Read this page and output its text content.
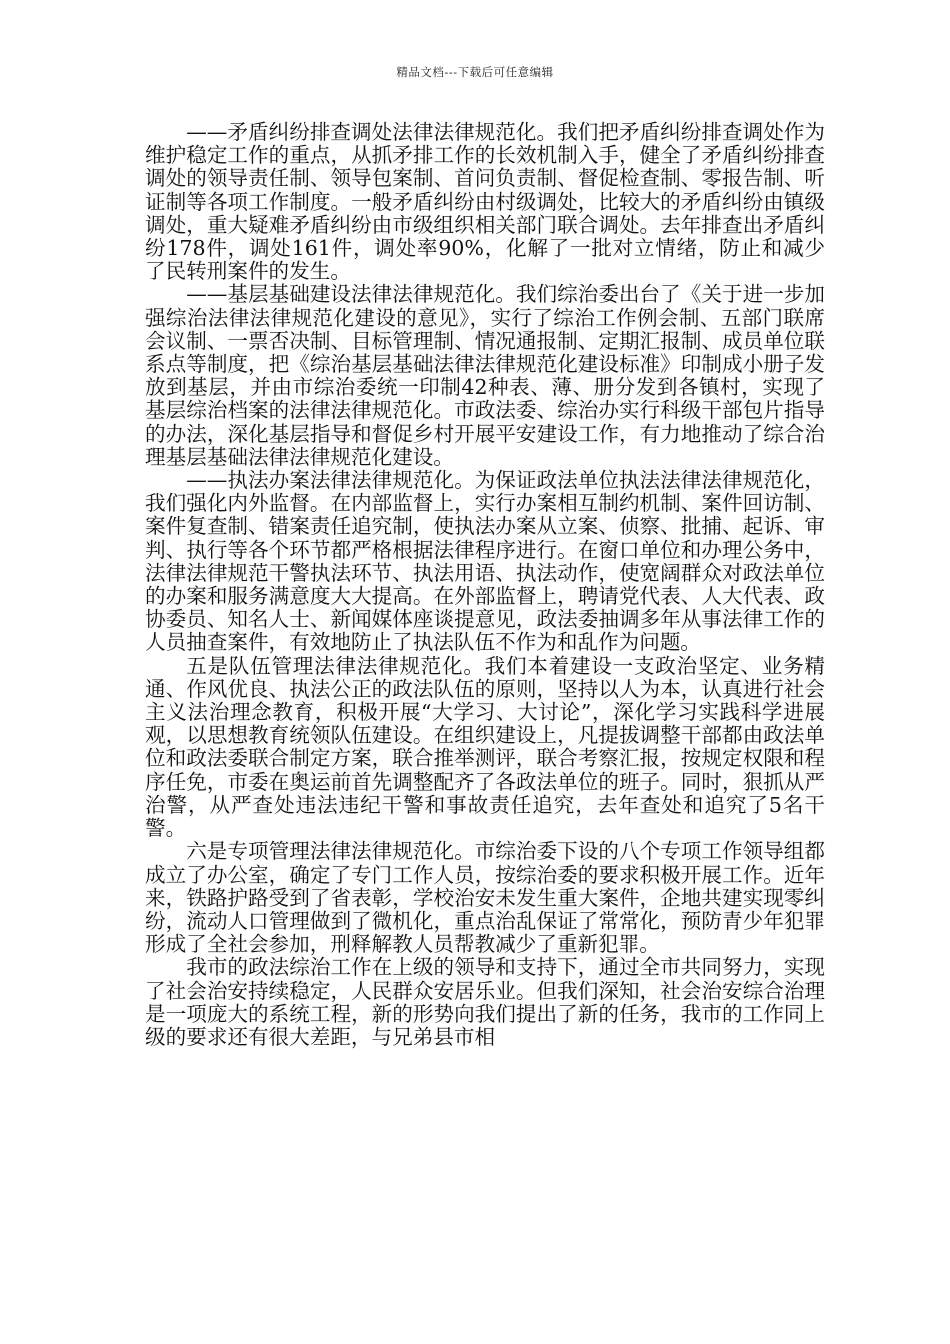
精品文档---下载后可任意编辑

——矛盾纠纷排查调处法律法律规范化。我们把矛盾纠纷排查调处作为维护稳定工作的重点，从抓矛排工作的长效机制入手，健全了矛盾纠纷排查调处的领导责任制、领导包案制、首问负责制、督促检查制、零报告制、听证制等各项工作制度。一般矛盾纠纷由村级调处，比较大的矛盾纠纷由镇级调处，重大疑难矛盾纠纷由市级组织相关部门联合调处。去年排查出矛盾纠纷178件，调处161件，调处率90%，化解了一批对立情绪，防止和减少了民转刑案件的发生。

——基层基础建设法律法律规范化。我们综治委出台了《关于进一步加强综治法律法律规范化建设的意见》，实行了综治工作例会制、五部门联席会议制、一票否决制、目标管理制、情况通报制、定期汇报制、成员单位联系点等制度，把《综治基层基础法律法律规范化建设标准》印制成小册子发放到基层，并由市综治委统一印制42种表、薄、册分发到各镇村，实现了基层综治档案的法律法律规范化。市政法委、综治办实行科级干部包片指导的办法，深化基层指导和督促乡村开展平安建设工作，有力地推动了综合治理基层基础法律法律规范化建设。

——执法办案法律法律规范化。为保证政法单位执法法律法律规范化，我们强化内外监督。在内部监督上，实行办案相互制约机制、案件回访制、案件复查制、错案责任追究制，使执法办案从立案、侦察、批捕、起诉、审判、执行等各个环节都严格根据法律程序进行。在窗口单位和办理公务中，法律法律规范干警执法环节、执法用语、执法动作，使宽阔群众对政法单位的办案和服务满意度大大提高。在外部监督上，聘请党代表、人大代表、政协委员、知名人士、新闻媒体座谈提意见，政法委抽调多年从事法律工作的人员抽查案件，有效地防止了执法队伍不作为和乱作为问题。

五是队伍管理法律法律规范化。我们本着建设一支政治坚定、业务精通、作风优良、执法公正的政法队伍的原则，坚持以人为本，认真进行社会主义法治理念教育，积极开展“大学习、大讨论”，深化学习实践科学进展观，以思想教育统领队伍建设。在组织建设上，凡提拔调整干部都由政法单位和政法委联合制定方案，联合推举测评，联合考察汇报，按规定权限和程序任免，市委在奥运前首先调整配齐了各政法单位的班子。同时，狠抓从严治警，从严查处违法违纪干警和事故责任追究，去年查处和追究了5名干警。

六是专项管理法律法律规范化。市综治委下设的八个专项工作领导组都成立了办公室，确定了专门工作人员，按综治委的要求积极开展工作。近年来，铁路护路受到了省表彰，学校治安未发生重大案件，企地共建实现零纠纷，流动人口管理做到了微机化，重点治乱保证了常常化，预防青少年犯罪形成了全社会参加，刑释解教人员帮教减少了重新犯罪。

我市的政法综治工作在上级的领导和支持下，通过全市共同努力，实现了社会治安持续稳定，人民群众安居乐业。但我们深知，社会治安综合治理是一项庞大的系统工程，新的形势向我们提出了新的任务，我市的工作同上级的要求还有很大差距，与兄弟县市相
